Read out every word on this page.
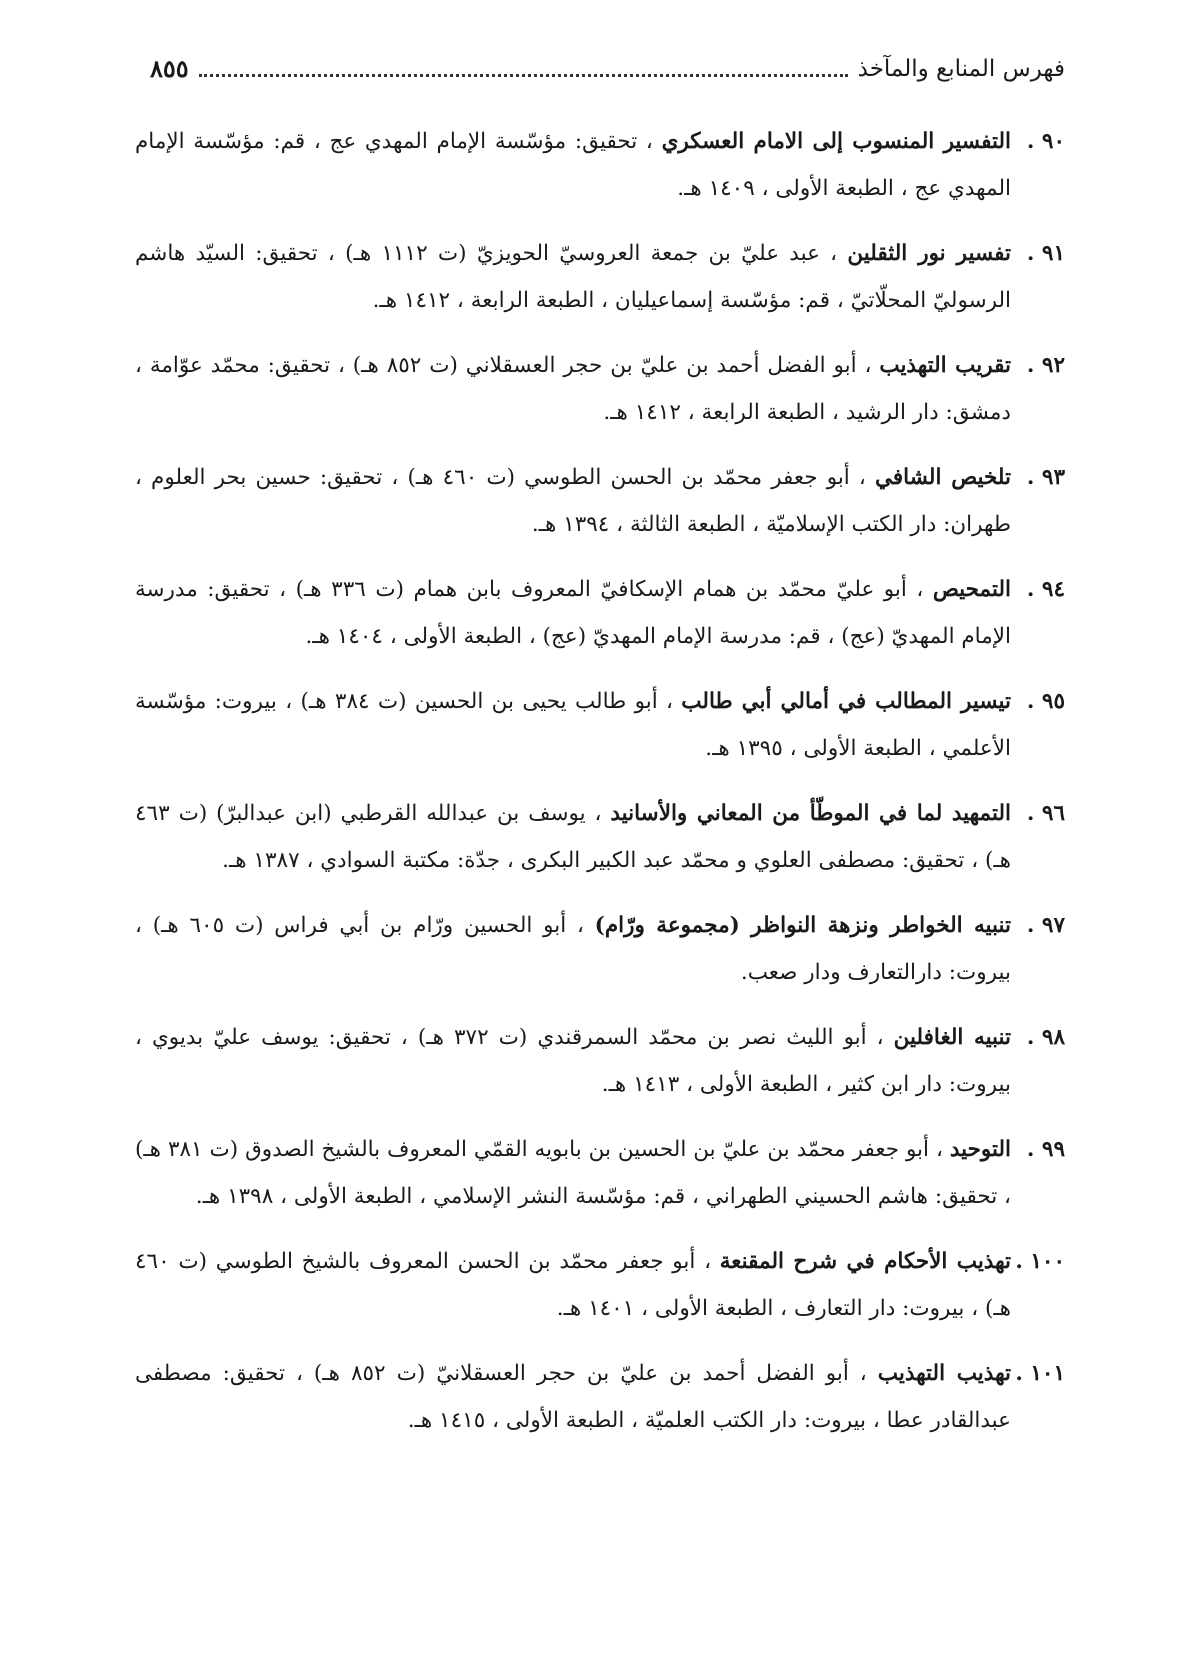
فهرس المنابع والمآخذ
٨٥٥
٩٠ .
التفسير المنسوب إلى الامام العسكري ، تحقيق: مؤسّسة الإمام المهدي عج ، قم: مؤسّسة الإمام المهدي عج ، الطبعة الأولى ، ١٤٠٩ هـ.
٩١ .
تفسير نور الثقلين ، عبد عليّ بن جمعة العروسيّ الحويزيّ (ت ١١١٢ هـ) ، تحقيق: السيّد هاشم الرسوليّ المحلّاتيّ ، قم: مؤسّسة إسماعيليان ، الطبعة الرابعة ، ١٤١٢ هـ.
٩٢ .
تقريب التهذيب ، أبو الفضل أحمد بن عليّ بن حجر العسقلاني (ت ٨٥٢ هـ) ، تحقيق: محمّد عوّامة ، دمشق: دار الرشيد ، الطبعة الرابعة ، ١٤١٢ هـ.
٩٣ .
تلخيص الشافي ، أبو جعفر محمّد بن الحسن الطوسي (ت ٤٦٠ هـ) ، تحقيق: حسين بحر العلوم ، طهران: دار الكتب الإسلاميّة ، الطبعة الثالثة ، ١٣٩٤ هـ.
٩٤ .
التمحيص ، أبو عليّ محمّد بن همام الإسكافيّ المعروف بابن همام (ت ٣٣٦ هـ) ، تحقيق: مدرسة الإمام المهديّ (عج) ، قم: مدرسة الإمام المهديّ (عج) ، الطبعة الأولى ، ١٤٠٤ هـ.
٩٥ .
تيسير المطالب في أمالي أبي طالب ، أبو طالب يحيى بن الحسين (ت ٣٨٤ هـ) ، بيروت: مؤسّسة الأعلمي ، الطبعة الأولى ، ١٣٩٥ هـ.
٩٦ .
التمهيد لما في الموطّأ من المعاني والأسانيد ، يوسف بن عبدالله القرطبي (ابن عبدالبرّ) (ت ٤٦٣ هـ) ، تحقيق: مصطفى العلوي و محمّد عبد الكبير البكرى ، جدّة: مكتبة السوادي ، ١٣٨٧ هـ.
٩٧ .
تنبيه الخواطر ونزهة النواظر (مجموعة ورّام) ، أبو الحسين ورّام بن أبي فراس (ت ٦٠٥ هـ) ، بيروت: دارالتعارف ودار صعب.
٩٨ .
تنبيه الغافلين ، أبو الليث نصر بن محمّد السمرقندي (ت ٣٧٢ هـ) ، تحقيق: يوسف عليّ بديوي ، بيروت: دار ابن كثير ، الطبعة الأولى ، ١٤١٣ هـ.
٩٩ .
التوحيد ، أبو جعفر محمّد بن عليّ بن الحسين بن بابويه القمّي المعروف بالشيخ الصدوق (ت ٣٨١ هـ) ، تحقيق: هاشم الحسيني الطهراني ، قم: مؤسّسة النشر الإسلامي ، الطبعة الأولى ، ١٣٩٨ هـ.
١٠٠ .
تهذيب الأحكام في شرح المقنعة ، أبو جعفر محمّد بن الحسن المعروف بالشيخ الطوسي (ت ٤٦٠ هـ) ، بيروت: دار التعارف ، الطبعة الأولى ، ١٤٠١ هـ.
١٠١ .
تهذيب التهذيب ، أبو الفضل أحمد بن عليّ بن حجر العسقلانيّ (ت ٨٥٢ هـ) ، تحقيق: مصطفى عبدالقادر عطا ، بيروت: دار الكتب العلميّة ، الطبعة الأولى ، ١٤١٥ هـ.
